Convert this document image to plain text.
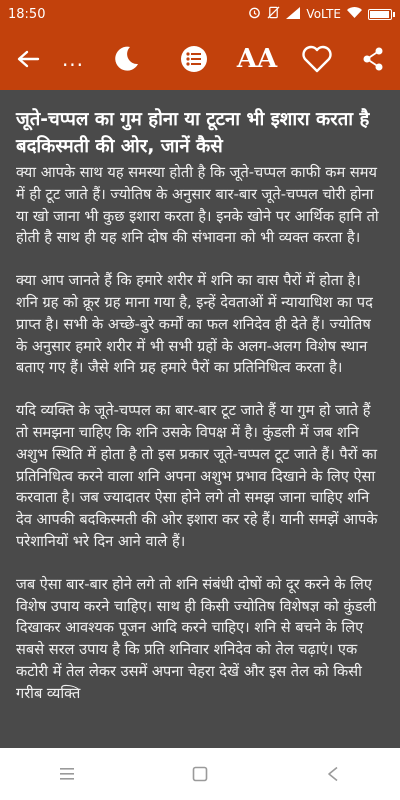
18:50	VoLTE
...	AA
जूते-चप्पल का गुम होना या टूटना भी इशारा करता है बदकिस्मती की ओर, जानें कैसे

क्या आपके साथ यह समस्या होती है कि जूते-चप्पल काफी कम समय में ही टूट जाते हैं। ज्योतिष के अनुसार बार-बार जूते-चप्पल चोरी होना या खो जाना भी कुछ इशारा करता है। इनके खोने पर आर्थिक हानि तो होती है साथ ही यह शनि दोष की संभावना को भी व्यक्त करता है।

क्या आप जानते हैं कि हमारे शरीर में शनि का वास पैरों में होता है। शनि ग्रह को क्रूर ग्रह माना गया है, इन्हें देवताओं में न्यायाधिश का पद प्राप्त है। सभी के अच्छे-बुरे कर्मों का फल शनिदेव ही देते हैं। ज्योतिष के अनुसार हमारे शरीर में भी सभी ग्रहों के अलग-अलग विशेष स्थान बताए गए हैं। जैसे शनि ग्रह हमारे पैरों का प्रतिनिधित्व करता है।

यदि व्यक्ति के जूते-चप्पल का बार-बार टूट जाते हैं या गुम हो जाते हैं तो समझना चाहिए कि शनि उसके विपक्ष में है। कुंडली में जब शनि अशुभ स्थिति में होता है तो इस प्रकार जूते-चप्पल टूट जाते हैं। पैरों का प्रतिनिधित्व करने वाला शनि अपना अशुभ प्रभाव दिखाने के लिए ऐसा करवाता है। जब ज्यादातर ऐसा होने लगे तो समझ जाना चाहिए शनि देव आपकी बदकिस्मती की ओर इशारा कर रहे हैं। यानी समझें आपके परेशानियों भरे दिन आने वाले हैं।

जब ऐसा बार-बार होने लगे तो शनि संबंधी दोषों को दूर करने के लिए विशेष उपाय करने चाहिए। साथ ही किसी ज्योतिष विशेषज्ञ को कुंडली दिखाकर आवश्यक पूजन आदि करने चाहिए। शनि से बचने के लिए सबसे सरल उपाय है कि प्रति शनिवार शनिदेव को तेल चढ़ाएं। एक कटोरी में तेल लेकर उसमें अपना चेहरा देखें और इस तेल को किसी गरीब व्यक्ति
